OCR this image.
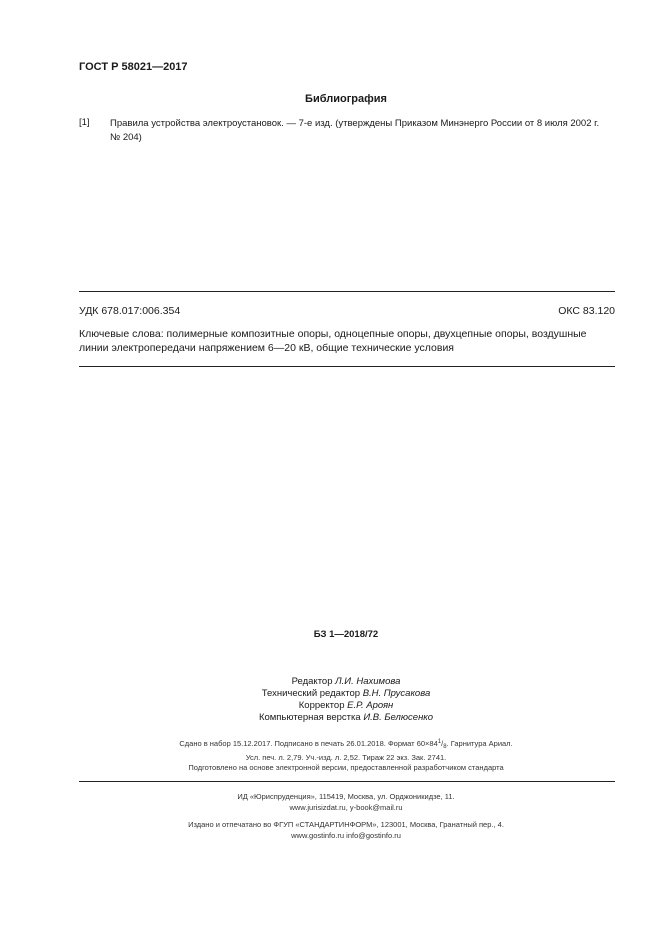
ГОСТ Р 58021—2017
Библиография
[1] Правила устройства электроустановок. — 7-е изд. (утверждены Приказом Минэнерго России от 8 июля 2002 г.
№ 204)
УДК 678.017:006.354	ОКС 83.120
Ключевые слова: полимерные композитные опоры, одноцепные опоры, двухцепные опоры, воздушные
линии электропередачи напряжением 6—20 кВ, общие технические условия
БЗ 1—2018/72
Редактор Л.И. Нахимова
Технический редактор В.Н. Прусакова
Корректор Е.Р. Ароян
Компьютерная верстка И.В. Белюсенко
Сдано в набор 15.12.2017. Подписано в печать 26.01.2018. Формат $60\times 84^1/_8$. Гарнитура Ариал.
Усл. печ. л. 2,79. Уч.-изд. л. 2,52. Тираж 22 экз. Зак. 2741.
Подготовлено на основе электронной версии, предоставленной разработчиком стандарта
ИД «Юриспруденция», 115419, Москва, ул. Орджоникидзе, 11.
www.jurisizdat.ru, y-book@mail.ru
Издано и отпечатано во ФГУП «СТАНДАРТИНФОРМ», 123001, Москва, Гранатный пер., 4.
www.gostinfo.ru info@gostinfo.ru
